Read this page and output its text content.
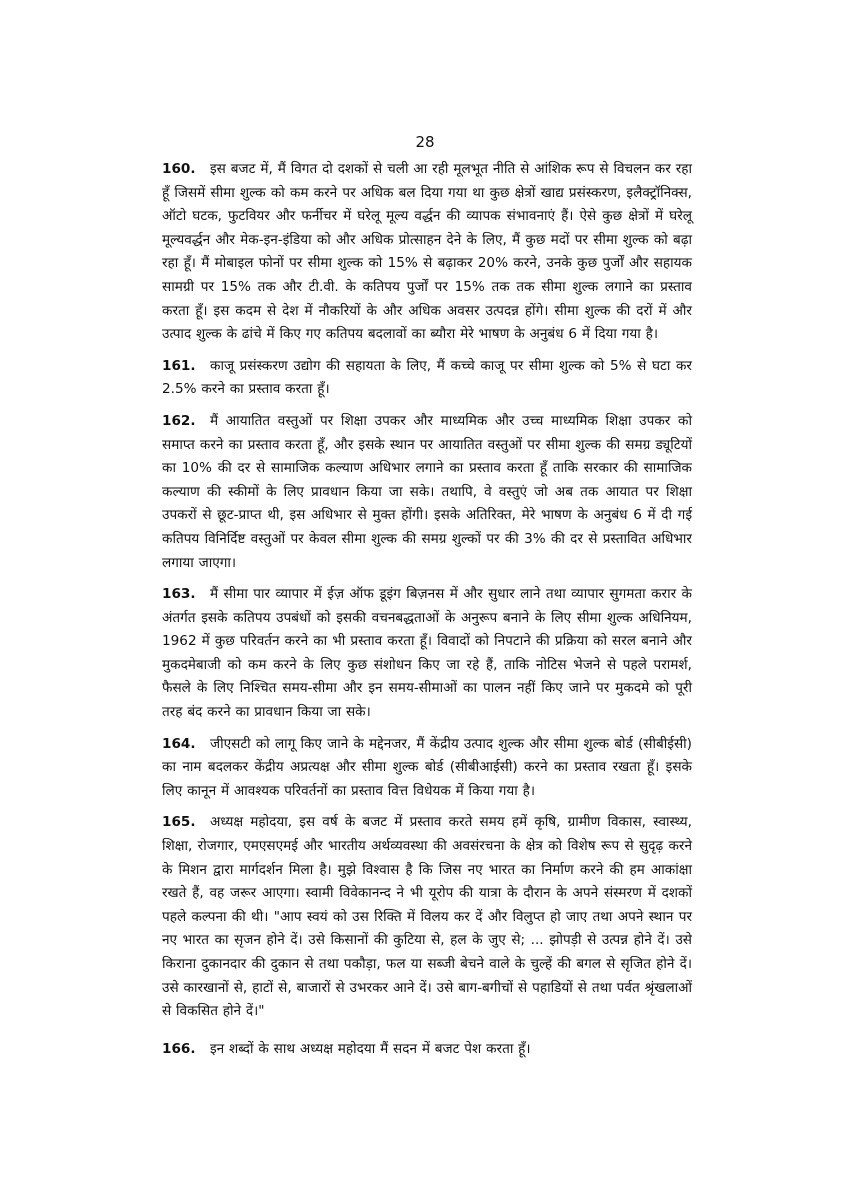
28

160. इस बजट में, मैं विगत दो दशकों से चली आ रही मूलभूत नीति से आंशिक रूप से विचलन कर रहा हूँ जिसमें सीमा शुल्क को कम करने पर अधिक बल दिया गया था कुछ क्षेत्रों खाद्य प्रसंस्करण, इलैक्ट्रॉनिक्स, ऑटो घटक, फुटवियर और फर्नीचर में घरेलू मूल्य वर्द्धन की व्यापक संभावनाएं हैं। ऐसे कुछ क्षेत्रों में घरेलू मूल्यवर्द्धन और मेक-इन-इंडिया को और अधिक प्रोत्साहन देने के लिए, मैं कुछ मदों पर सीमा शुल्क को बढ़ा रहा हूँ। मैं मोबाइल फोनों पर सीमा शुल्क को 15% से बढ़ाकर 20% करने, उनके कुछ पुर्जों और सहायक सामग्री पर 15% तक और टी.वी. के कतिपय पुर्जों पर 15% तक तक सीमा शुल्क लगाने का प्रस्ताव करता हूँ। इस कदम से देश में नौकरियों के और अधिक अवसर उत्पदन्न होंगे। सीमा शुल्क की दरों में और उत्पाद शुल्क के ढांचे में किए गए कतिपय बदलावों का ब्यौरा मेरे भाषण के अनुबंध 6 में दिया गया है।

161. काजू प्रसंस्करण उद्योग की सहायता के लिए, मैं कच्चे काजू पर सीमा शुल्क को 5% से घटा कर 2.5% करने का प्रस्ताव करता हूँ।

162. मैं आयातित वस्तुओं पर शिक्षा उपकर और माध्यमिक और उच्च माध्यमिक शिक्षा उपकर को समाप्त करने का प्रस्ताव करता हूँ, और इसके स्थान पर आयातित वस्तुओं पर सीमा शुल्क की समग्र ड्यूटियों का 10% की दर से सामाजिक कल्याण अधिभार लगाने का प्रस्ताव करता हूँ ताकि सरकार की सामाजिक कल्याण की स्कीमों के लिए प्रावधान किया जा सके। तथापि, वे वस्तुएं जो अब तक आयात पर शिक्षा उपकरों से छूट-प्राप्त थी, इस अधिभार से मुक्त होंगी। इसके अतिरिक्त, मेरे भाषण के अनुबंध 6 में दी गई कतिपय विनिर्दिष्ट वस्तुओं पर केवल सीमा शुल्क की समग्र शुल्कों पर की 3% की दर से प्रस्तावित अधिभार लगाया जाएगा।

163. मैं सीमा पार व्यापार में ईज़ ऑफ डूइंग बिज़नस में और सुधार लाने तथा व्यापार सुगमता करार के अंतर्गत इसके कतिपय उपबंधों को इसकी वचनबद्धताओं के अनुरूप बनाने के लिए सीमा शुल्क अधिनियम, 1962 में कुछ परिवर्तन करने का भी प्रस्ताव करता हूँ। विवादों को निपटाने की प्रक्रिया को सरल बनाने और मुकदमेबाजी को कम करने के लिए कुछ संशोधन किए जा रहे हैं, ताकि नोटिस भेजने से पहले परामर्श, फैसले के लिए निश्चित समय-सीमा और इन समय-सीमाओं का पालन नहीं किए जाने पर मुकदमे को पूरी तरह बंद करने का प्रावधान किया जा सके।

164. जीएसटी को लागू किए जाने के मद्देनजर, मैं केंद्रीय उत्पाद शुल्क और सीमा शुल्क बोर्ड (सीबीईसी) का नाम बदलकर केंद्रीय अप्रत्यक्ष और सीमा शुल्क बोर्ड (सीबीआईसी) करने का प्रस्ताव रखता हूँ। इसके लिए कानून में आवश्यक परिवर्तनों का प्रस्ताव वित्त विधेयक में किया गया है।

165. अध्यक्ष महोदया, इस वर्ष के बजट में प्रस्ताव करते समय हमें कृषि, ग्रामीण विकास, स्वास्थ्य, शिक्षा, रोजगार, एमएसएमई और भारतीय अर्थव्यवस्था की अवसंरचना के क्षेत्र को विशेष रूप से सुदृढ़ करने के मिशन द्वारा मार्गदर्शन मिला है। मुझे विश्वास है कि जिस नए भारत का निर्माण करने की हम आकांक्षा रखते हैं, वह जरूर आएगा। स्वामी विवेकानन्द ने भी यूरोप की यात्रा के दौरान के अपने संस्मरण में दशकों पहले कल्पना की थी। "आप स्वयं को उस रिक्ति में विलय कर दें और विलुप्त हो जाए तथा अपने स्थान पर नए भारत का सृजन होने दें। उसे किसानों की कुटिया से, हल के जुए से; ... झोपड़ी से उत्पन्न होने दें। उसे किराना दुकानदार की दुकान से तथा पकौड़ा, फल या सब्जी बेचने वाले के चुल्हें की बगल से सृजित होने दें। उसे कारखानों से, हाटों से, बाजारों से उभरकर आने दें। उसे बाग-बगीचों से पहाडियों से तथा पर्वत श्रृंखलाओं से विकसित होने दें।"

166. इन शब्दों के साथ अध्यक्ष महोदया मैं सदन में बजट पेश करता हूँ।
